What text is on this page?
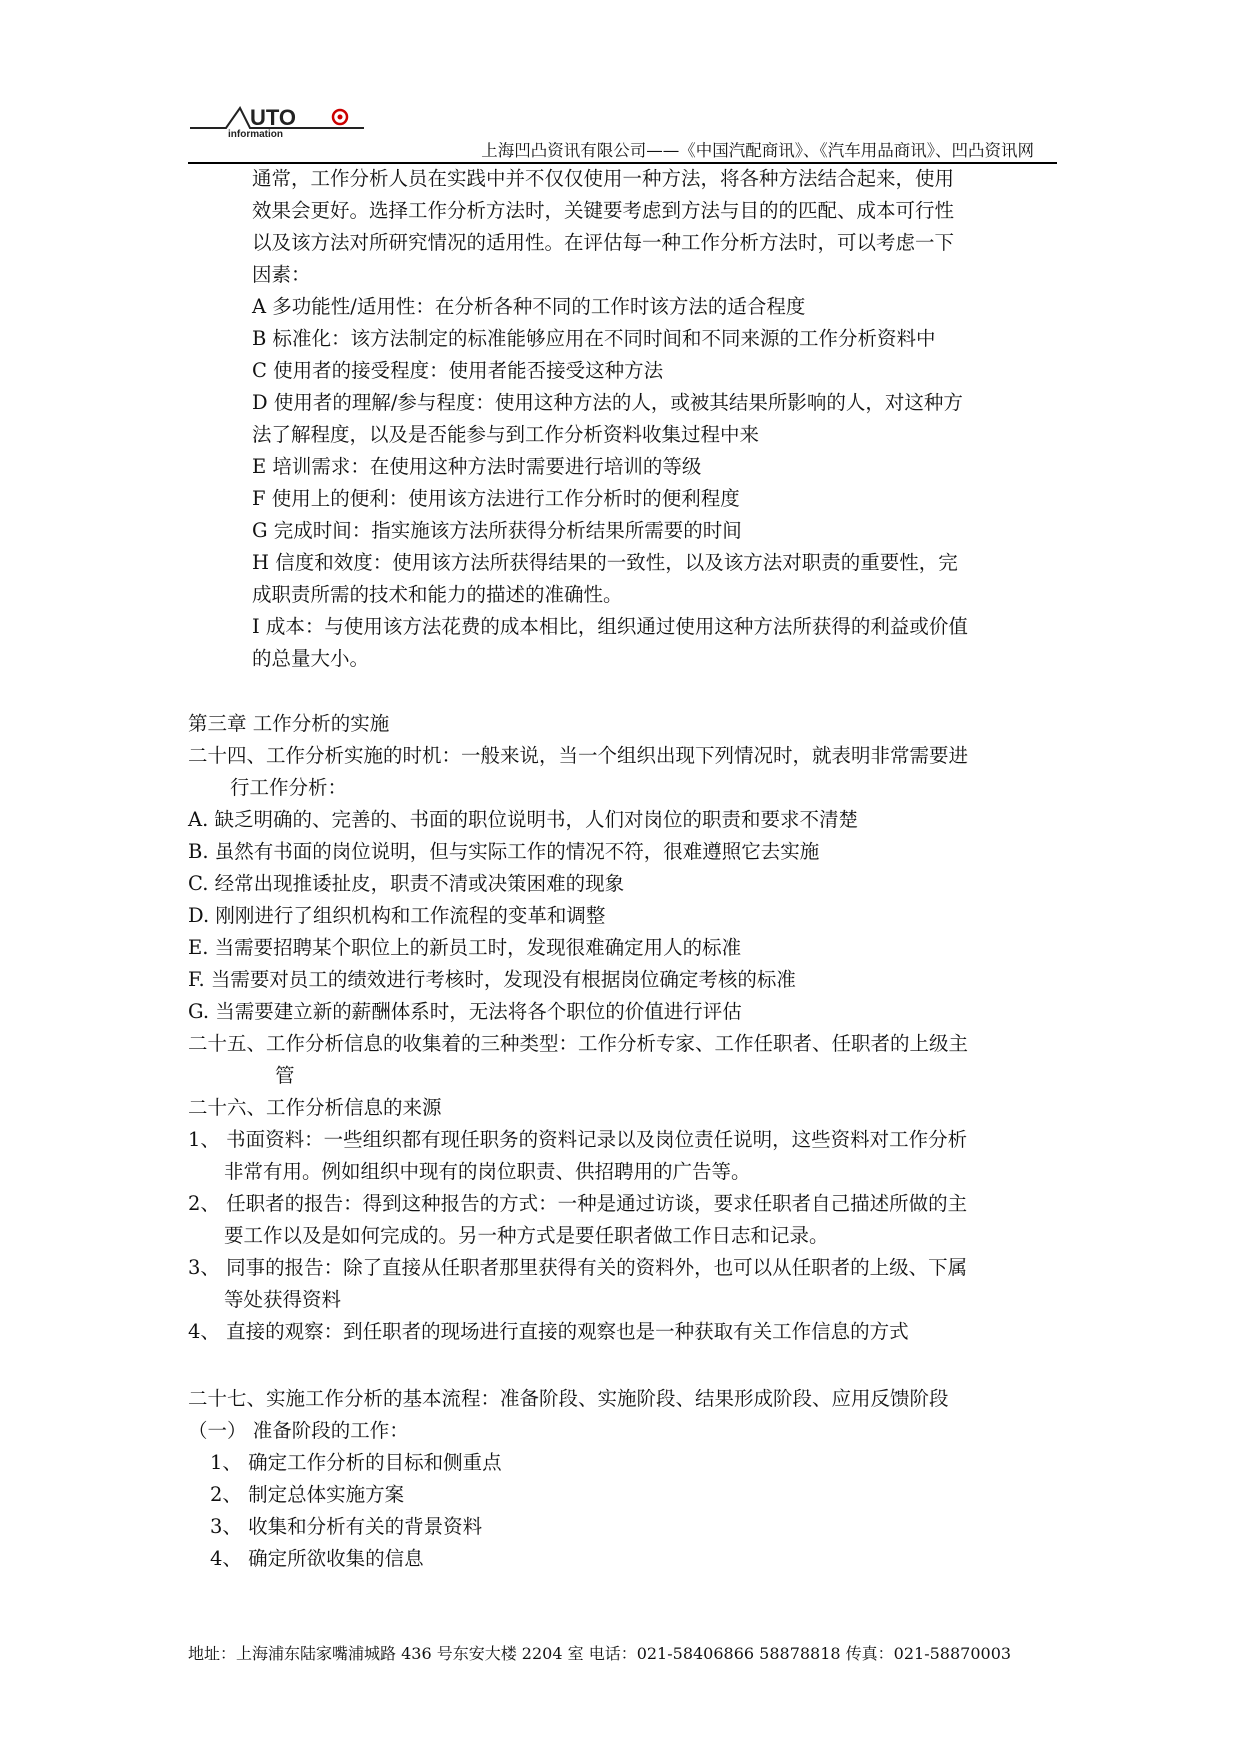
UTO
information
上海凹凸资讯有限公司——《中国汽配商讯》、《汽车用品商讯》、凹凸资讯网
通常，工作分析人员在实践中并不仅仅使用一种方法，将各种方法结合起来，使用
效果会更好。选择工作分析方法时，关键要考虑到方法与目的的匹配、成本可行性
以及该方法对所研究情况的适用性。在评估每一种工作分析方法时，可以考虑一下
因素：
A 多功能性/适用性：在分析各种不同的工作时该方法的适合程度
B 标准化：该方法制定的标准能够应用在不同时间和不同来源的工作分析资料中
C 使用者的接受程度：使用者能否接受这种方法
D 使用者的理解/参与程度：使用这种方法的人，或被其结果所影响的人，对这种方
法了解程度，以及是否能参与到工作分析资料收集过程中来
E 培训需求：在使用这种方法时需要进行培训的等级
F 使用上的便利：使用该方法进行工作分析时的便利程度
G 完成时间：指实施该方法所获得分析结果所需要的时间
H 信度和效度：使用该方法所获得结果的一致性，以及该方法对职责的重要性，完
成职责所需的技术和能力的描述的准确性。
I 成本：与使用该方法花费的成本相比，组织通过使用这种方法所获得的利益或价值
的总量大小。
第三章 工作分析的实施
二十四、工作分析实施的时机：一般来说，当一个组织出现下列情况时，就表明非常需要进
行工作分析：
A. 缺乏明确的、完善的、书面的职位说明书，人们对岗位的职责和要求不清楚
B. 虽然有书面的岗位说明，但与实际工作的情况不符，很难遵照它去实施
C. 经常出现推诿扯皮，职责不清或决策困难的现象
D. 刚刚进行了组织机构和工作流程的变革和调整
E. 当需要招聘某个职位上的新员工时，发现很难确定用人的标准
F. 当需要对员工的绩效进行考核时，发现没有根据岗位确定考核的标准
G. 当需要建立新的薪酬体系时，无法将各个职位的价值进行评估
二十五、工作分析信息的收集着的三种类型：工作分析专家、工作任职者、任职者的上级主
管
二十六、工作分析信息的来源
1、 书面资料：一些组织都有现任职务的资料记录以及岗位责任说明，这些资料对工作分析
非常有用。例如组织中现有的岗位职责、供招聘用的广告等。
2、 任职者的报告：得到这种报告的方式：一种是通过访谈，要求任职者自己描述所做的主
要工作以及是如何完成的。另一种方式是要任职者做工作日志和记录。
3、 同事的报告：除了直接从任职者那里获得有关的资料外，也可以从任职者的上级、下属
等处获得资料
4、 直接的观察：到任职者的现场进行直接的观察也是一种获取有关工作信息的方式
二十七、实施工作分析的基本流程：准备阶段、实施阶段、结果形成阶段、应用反馈阶段
（一） 准备阶段的工作：
1、 确定工作分析的目标和侧重点
2、 制定总体实施方案
3、 收集和分析有关的背景资料
4、 确定所欲收集的信息
地址：上海浦东陆家嘴浦城路 436 号东安大楼 2204 室 电话：021-58406866 58878818 传真：021-58870003
